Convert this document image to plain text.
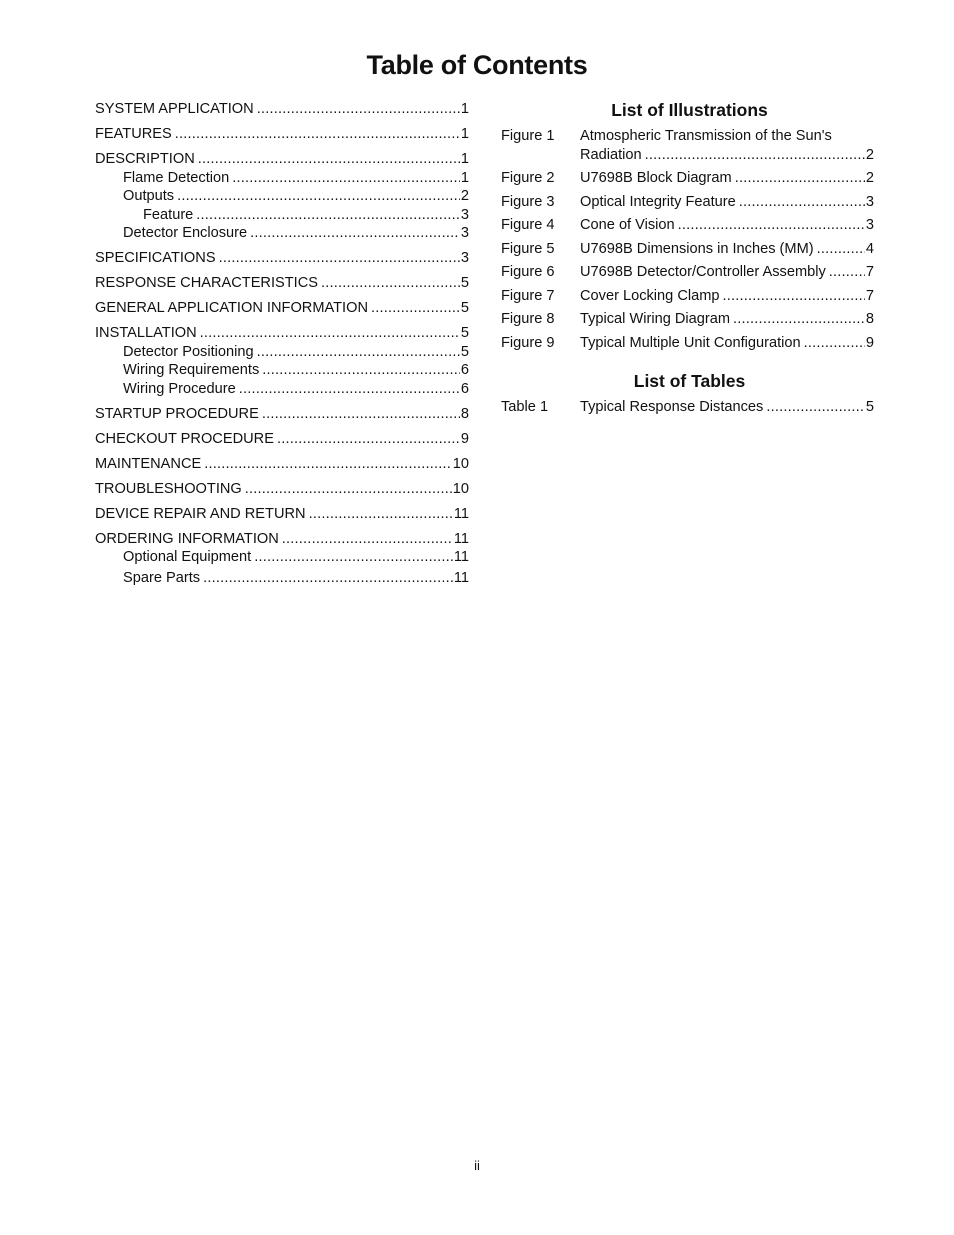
Table of Contents
SYSTEM APPLICATION .....	1
FEATURES .....	1
DESCRIPTION .....	1
Flame Detection .....	1
Outputs .....	2
Feature .....	3
Detector Enclosure .....	3
SPECIFICATIONS .....	3
RESPONSE CHARACTERISTICS .....	5
GENERAL APPLICATION INFORMATION .....	5
INSTALLATION .....	5
Detector Positioning .....	5
Wiring Requirements .....	6
Wiring Procedure .....	6
STARTUP PROCEDURE .....	8
CHECKOUT PROCEDURE .....	9
MAINTENANCE .....	10
TROUBLESHOOTING .....	10
DEVICE REPAIR AND RETURN .....	11
ORDERING INFORMATION .....	11
Optional Equipment .....	11
Spare Parts .....	11
List of Illustrations
Figure 1	Atmospheric Transmission of the Sun's
Radiation .....	2
Figure 2	U7698B Block Diagram .....	2
Figure 3	Optical Integrity Feature .....	3
Figure 4	Cone of Vision .....	3
Figure 5	U7698B Dimensions in Inches (MM) .....	4
Figure 6	U7698B Detector/Controller Assembly .....	7
Figure 7	Cover Locking Clamp .....	7
Figure 8	Typical Wiring Diagram .....	8
Figure 9	Typical Multiple Unit Configuration .....	9
List of Tables
Table 1	Typical Response Distances .....	5
ii
